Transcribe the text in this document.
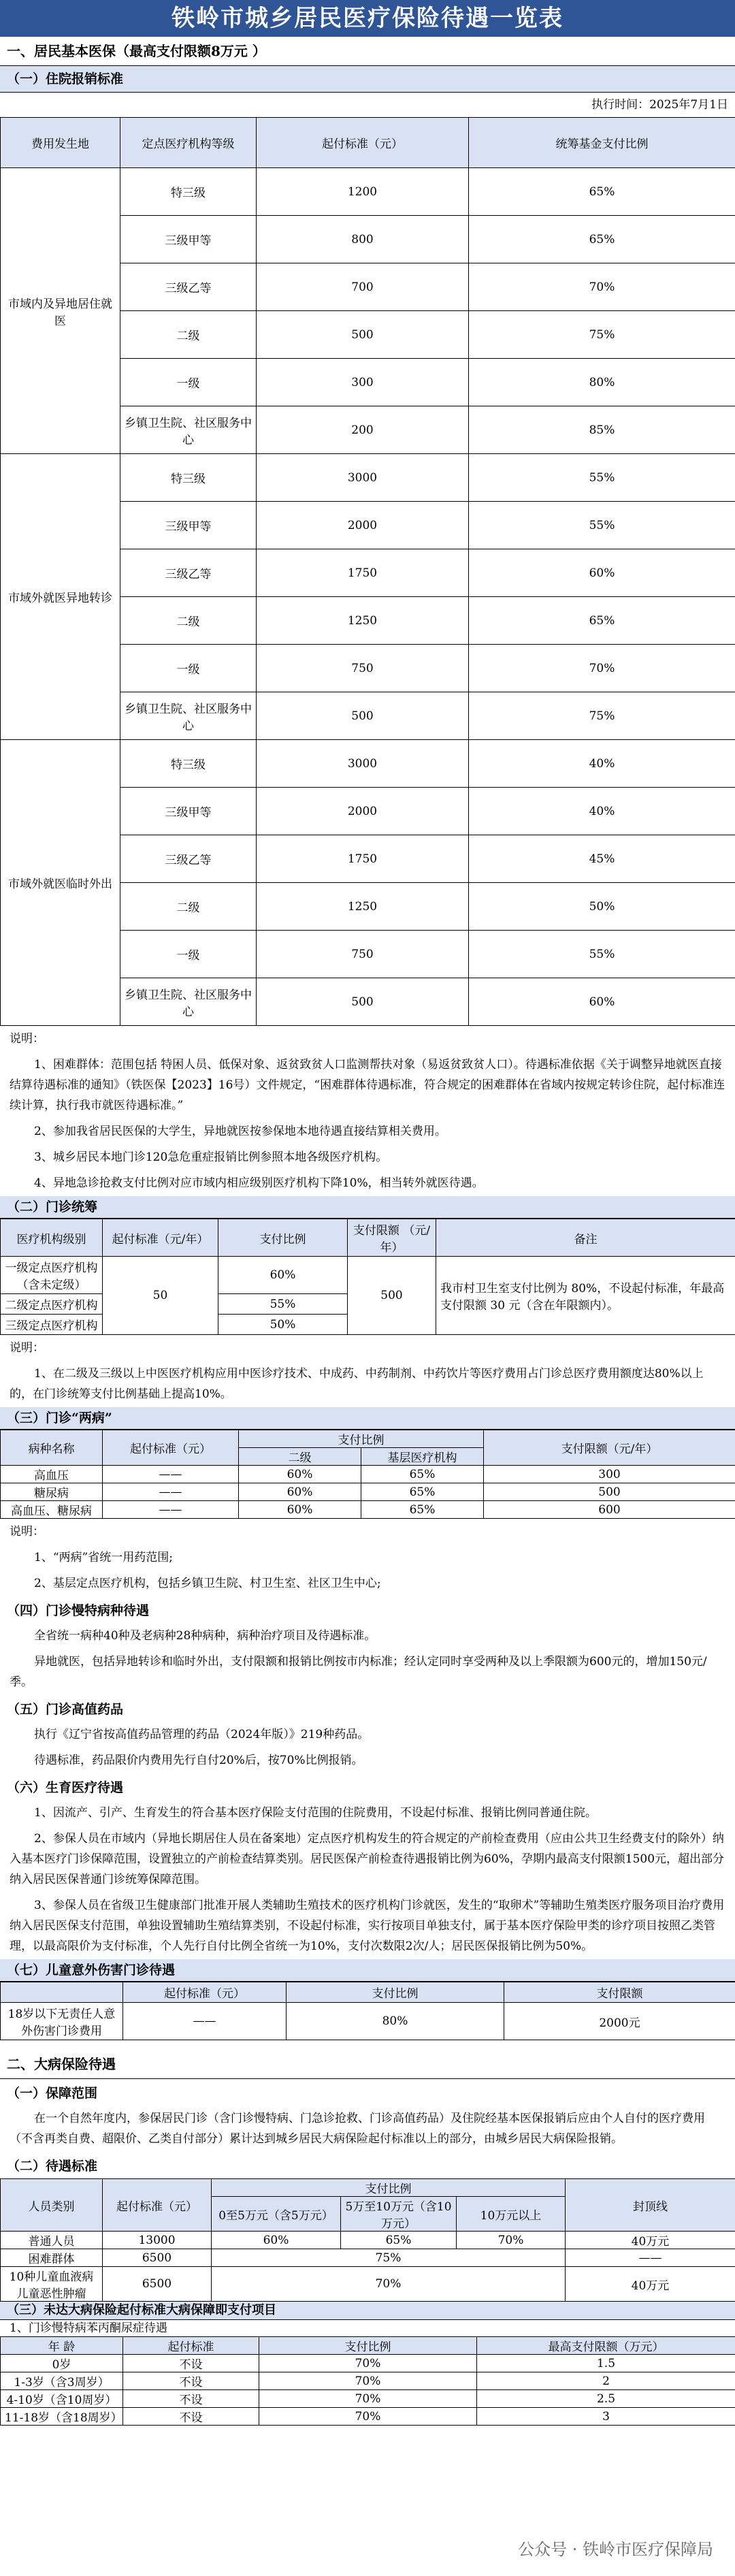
铁岭市城乡居民医疗保险待遇一览表
一、居民基本医保（最高支付限额8万元 ）
（一）住院报销标准
执行时间：2025年7月1日
费用发生地	定点医疗机构等级	起付标准（元）	统筹基金支付比例
市域内及异地居住就医	特三级	1200	65%
	三级甲等	800	65%
	三级乙等	700	70%
	二级	500	75%
	一级	300	80%
	乡镇卫生院、社区服务中心	200	85%
市域外就医异地转诊	特三级	3000	55%
	三级甲等	2000	55%
	三级乙等	1750	60%
	二级	1250	65%
	一级	750	70%
	乡镇卫生院、社区服务中心	500	75%
市域外就医临时外出	特三级	3000	40%
	三级甲等	2000	40%
	三级乙等	1750	45%
	二级	1250	50%
	一级	750	55%
	乡镇卫生院、社区服务中心	500	60%
说明：
1、困难群体：范围包括 特困人员、低保对象、返贫致贫人口监测帮扶对象（易返贫致贫人口）。待遇标准依据《关于调整异地就医直接结算待遇标准的通知》（铁医保【2023】16号）文件规定，“困难群体待遇标准，符合规定的困难群体在省域内按规定转诊住院，起付标准连续计算，执行我市就医待遇标准。”
2、参加我省居民医保的大学生，异地就医按参保地本地待遇直接结算相关费用。
3、城乡居民本地门诊120急危重症报销比例参照本地各级医疗机构。
4、异地急诊抢救支付比例对应市域内相应级别医疗机构下降10%，相当转外就医待遇。
（二）门诊统筹
医疗机构级别	起付标准（元/年）	支付比例	支付限额 （元/年）	备注
一级定点医疗机构（含未定级）	50	60%	500	我市村卫生室支付比例为 80%，不设起付标准，年最高支付限额 30 元（含在年限额内）。
二级定点医疗机构		55%		
三级定点医疗机构		50%		
说明：
1、在二级及三级以上中医医疗机构应用中医诊疗技术、中成药、中药制剂、中药饮片等医疗费用占门诊总医疗费用额度达80%以上的，在门诊统筹支付比例基础上提高10%。
（三）门诊“两病”
病种名称	起付标准（元）	支付比例		支付限额（元/年）
		二级	基层医疗机构	
高血压	——	60%	65%	300
糖尿病	——	60%	65%	500
高血压、糖尿病	——	60%	65%	600
说明：
1、“两病”省统一用药范围;
2、基层定点医疗机构，包括乡镇卫生院、村卫生室、社区卫生中心;
（四）门诊慢特病种待遇
全省统一病种40种及老病种28种病种，病种治疗项目及待遇标准。
异地就医，包括异地转诊和临时外出，支付限额和报销比例按市内标准；经认定同时享受两种及以上季限额为600元的，增加150元/季。
（五）门诊高值药品
执行《辽宁省按高值药品管理的药品（2024年版）》219种药品。
待遇标准，药品限价内费用先行自付20%后，按70%比例报销。
（六）生育医疗待遇
1、因流产、引产、生育发生的符合基本医疗保险支付范围的住院费用，不设起付标准、报销比例同普通住院。
2、参保人员在市域内（异地长期居住人员在备案地）定点医疗机构发生的符合规定的产前检查费用（应由公共卫生经费支付的除外）纳入基本医疗门诊保障范围，设置独立的产前检查结算类别。居民医保产前检查待遇报销比例为60%，孕期内最高支付限额1500元，超出部分纳入居民医保普通门诊统筹保障范围。
3、参保人员在省级卫生健康部门批准开展人类辅助生殖技术的医疗机构门诊就医，发生的“取卵术”等辅助生殖类医疗服务项目治疗费用纳入居民医保支付范围，单独设置辅助生殖结算类别，不设起付标准，实行按项目单独支付，属于基本医疗保险甲类的诊疗项目按照乙类管理，以最高限价为支付标准，个人先行自付比例全省统一为10%，支付次数限2次/人；居民医保报销比例为50%。
（七）儿童意外伤害门诊待遇
	起付标准（元）	支付比例	支付限额
18岁以下无责任人意外伤害门诊费用	——	80%	2000元
二、大病保险待遇
（一）保障范围
在一个自然年度内，参保居民门诊（含门诊慢特病、门急诊抢救、门诊高值药品）及住院经基本医保报销后应由个人自付的医疗费用（不含再类自费、超限价、乙类自付部分）累计达到城乡居民大病保险起付标准以上的部分，由城乡居民大病保险报销。
（二）待遇标准
人员类别	起付标准（元）	支付比例			封顶线
		0至5万元（含5万元）	5万至10万元（含10万元）	10万元以上	
普通人员	13000	60%	65%	70%	40万元
困难群体	6500	75%			——
10种儿童血液病儿童恶性肿瘤	6500	70%			40万元
（三）未达大病保险起付标准大病保障即支付项目
1、门诊慢特病苯丙酮尿症待遇
年 龄	起付标准	支付比例	最高支付限额（万元）
0岁	不设	70%	1.5
1-3岁（含3周岁）	不设	70%	2
4-10岁（含10周岁）	不设	70%	2.5
11-18岁（含18周岁）	不设	70%	3
公众号 · 铁岭市医疗保障局
